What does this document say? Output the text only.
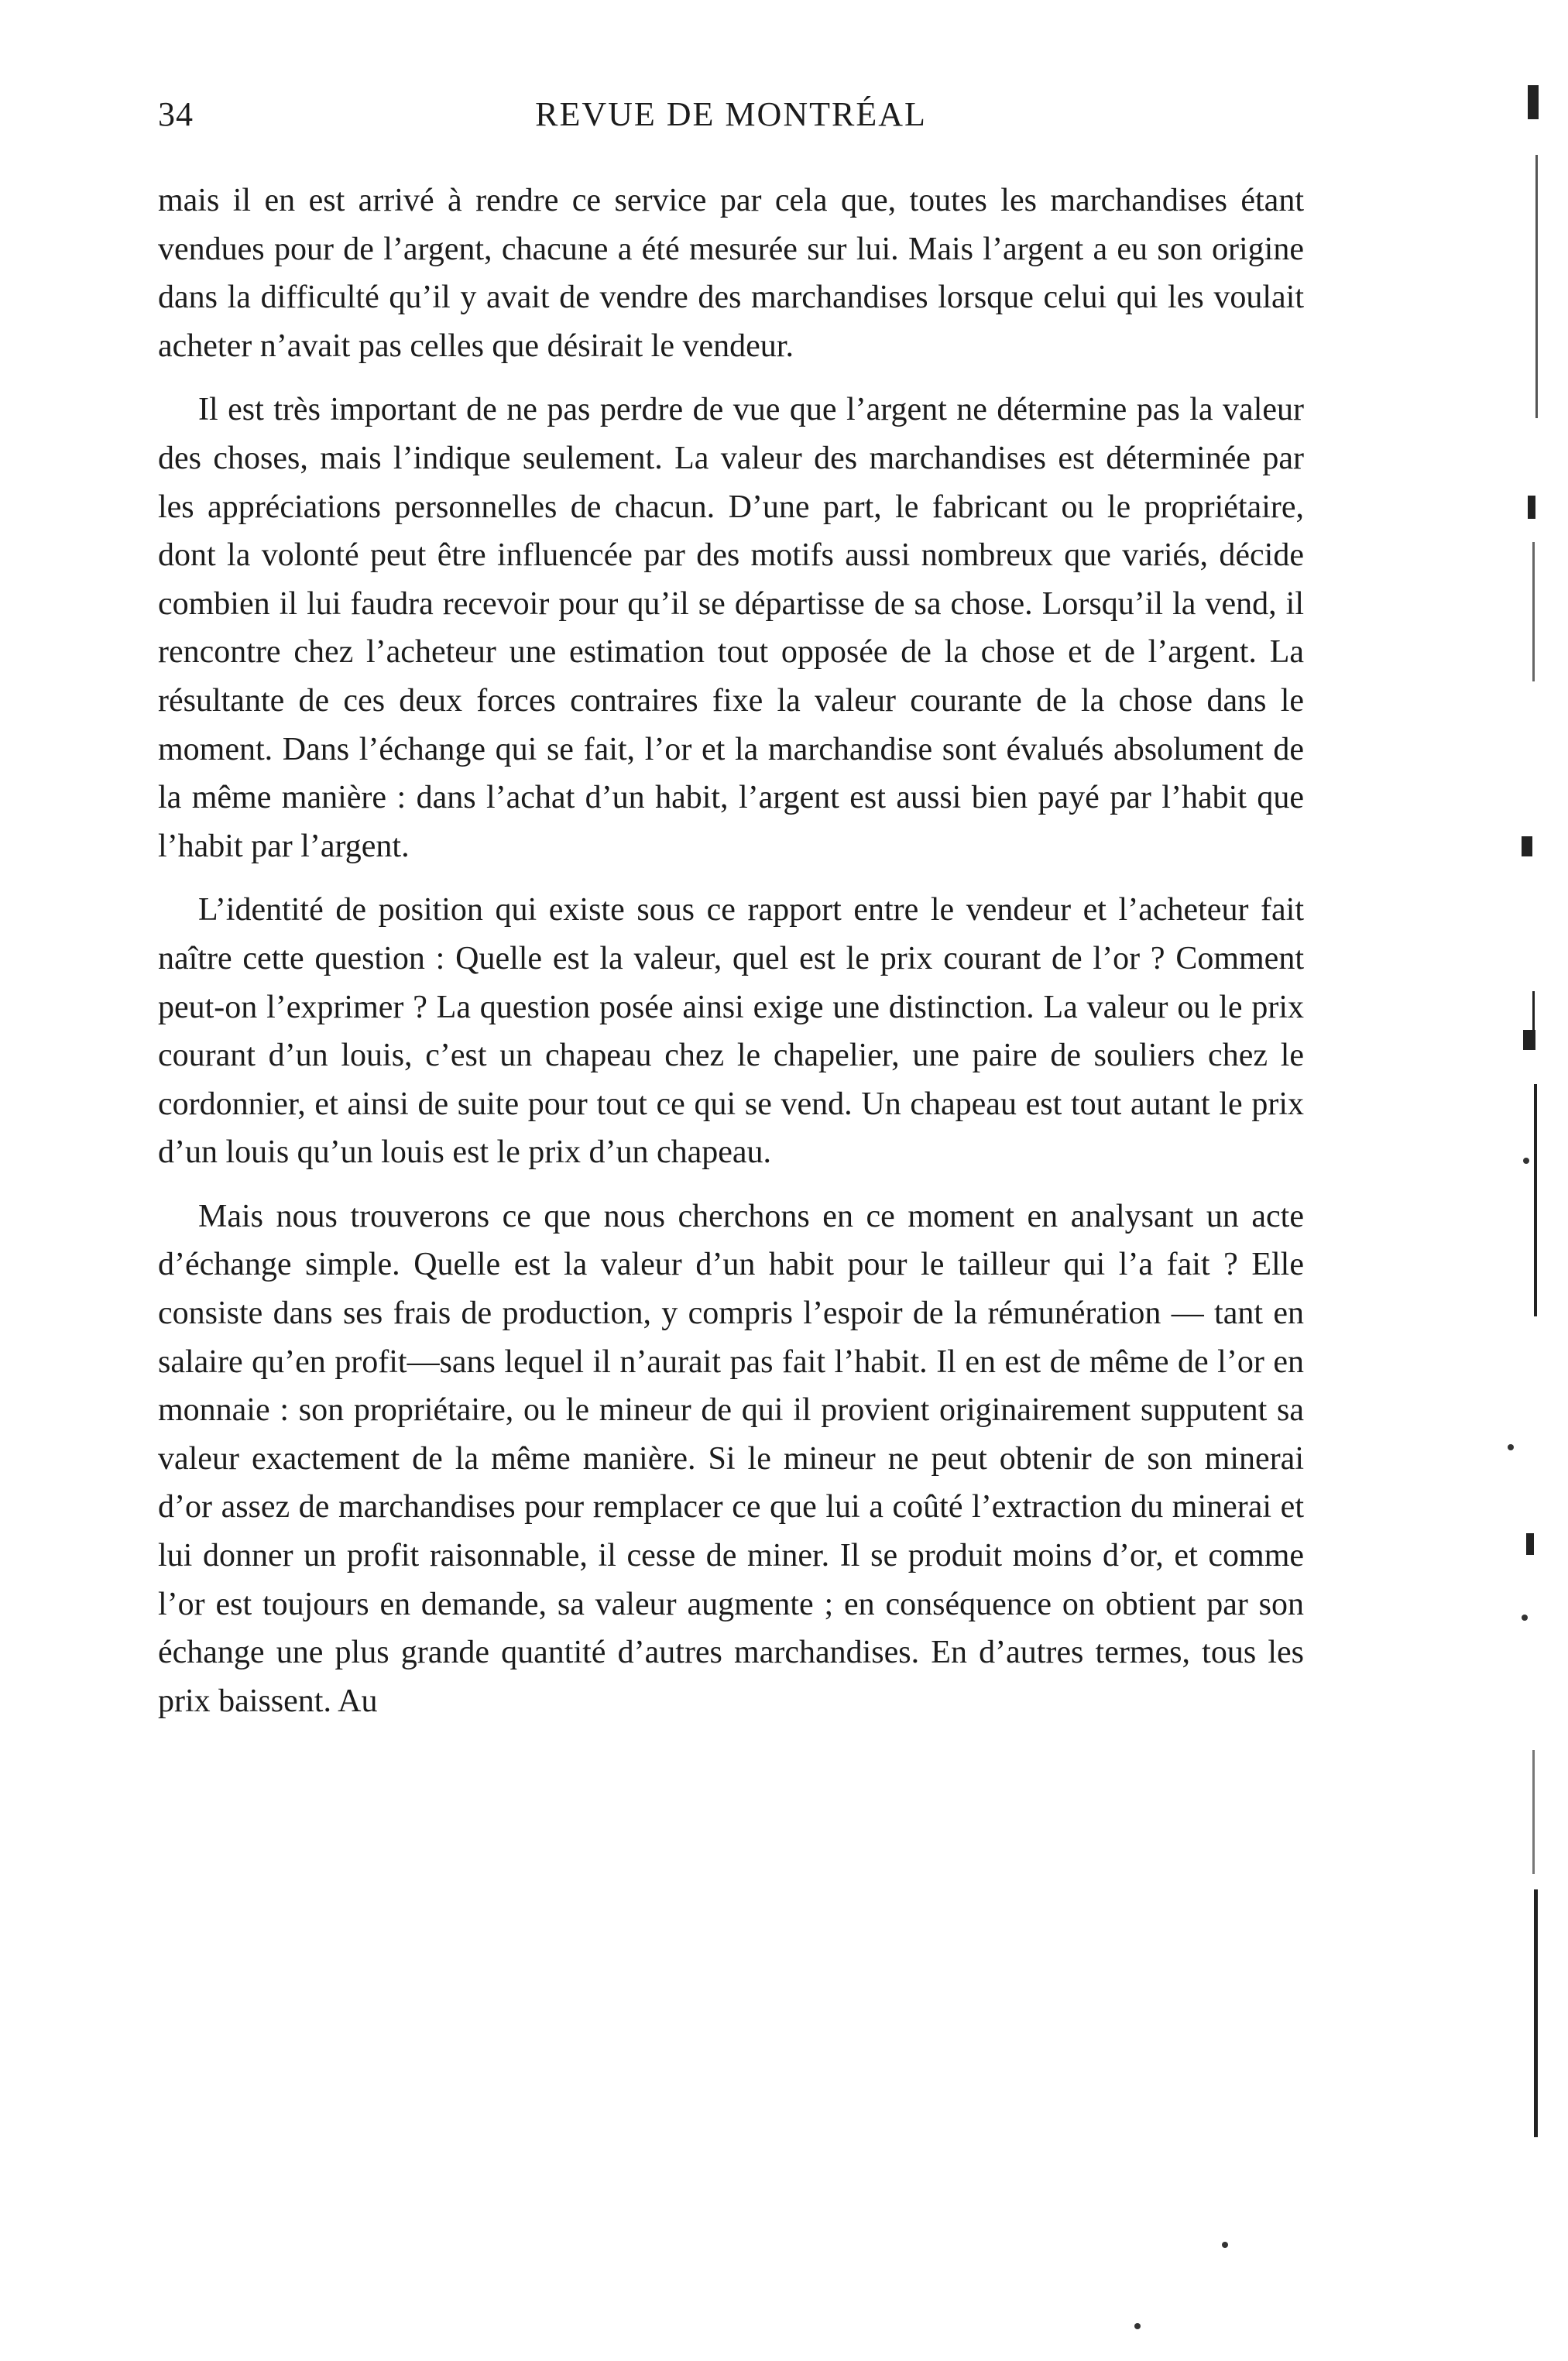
34	REVUE DE MONTRÉAL

mais il en est arrivé à rendre ce service par cela que, toutes les marchandises étant vendues pour de l’argent, chacune a été mesurée sur lui. Mais l’argent a eu son origine dans la difficulté qu’il y avait de vendre des marchandises lorsque celui qui les voulait acheter n’avait pas celles que désirait le vendeur.

Il est très important de ne pas perdre de vue que l’argent ne détermine pas la valeur des choses, mais l’indique seulement. La valeur des marchandises est déterminée par les appréciations personnelles de chacun. D’une part, le fabricant ou le propriétaire, dont la volonté peut être influencée par des motifs aussi nombreux que variés, décide combien il lui faudra recevoir pour qu’il se départisse de sa chose. Lorsqu’il la vend, il rencontre chez l’acheteur une estimation tout opposée de la chose et de l’argent. La résultante de ces deux forces contraires fixe la valeur courante de la chose dans le moment. Dans l’échange qui se fait, l’or et la marchandise sont évalués absolument de la même manière : dans l’achat d’un habit, l’argent est aussi bien payé par l’habit que l’habit par l’argent.

L’identité de position qui existe sous ce rapport entre le vendeur et l’acheteur fait naître cette question : Quelle est la valeur, quel est le prix courant de l’or ? Comment peut-on l’exprimer ? La question posée ainsi exige une distinction. La valeur ou le prix courant d’un louis, c’est un chapeau chez le chapelier, une paire de souliers chez le cordonnier, et ainsi de suite pour tout ce qui se vend. Un chapeau est tout autant le prix d’un louis qu’un louis est le prix d’un chapeau.

Mais nous trouverons ce que nous cherchons en ce moment en analysant un acte d’échange simple. Quelle est la valeur d’un habit pour le tailleur qui l’a fait ? Elle consiste dans ses frais de production, y compris l’espoir de la rémunération — tant en salaire qu’en profit—sans lequel il n’aurait pas fait l’habit. Il en est de même de l’or en monnaie : son propriétaire, ou le mineur de qui il provient originairement supputent sa valeur exactement de la même manière. Si le mineur ne peut obtenir de son minerai d’or assez de marchandises pour remplacer ce que lui a coûté l’extraction du minerai et lui donner un profit raisonnable, il cesse de miner. Il se produit moins d’or, et comme l’or est toujours en demande, sa valeur augmente ; en conséquence on obtient par son échange une plus grande quantité d’autres marchandises. En d’autres termes, tous les prix baissent. Au
